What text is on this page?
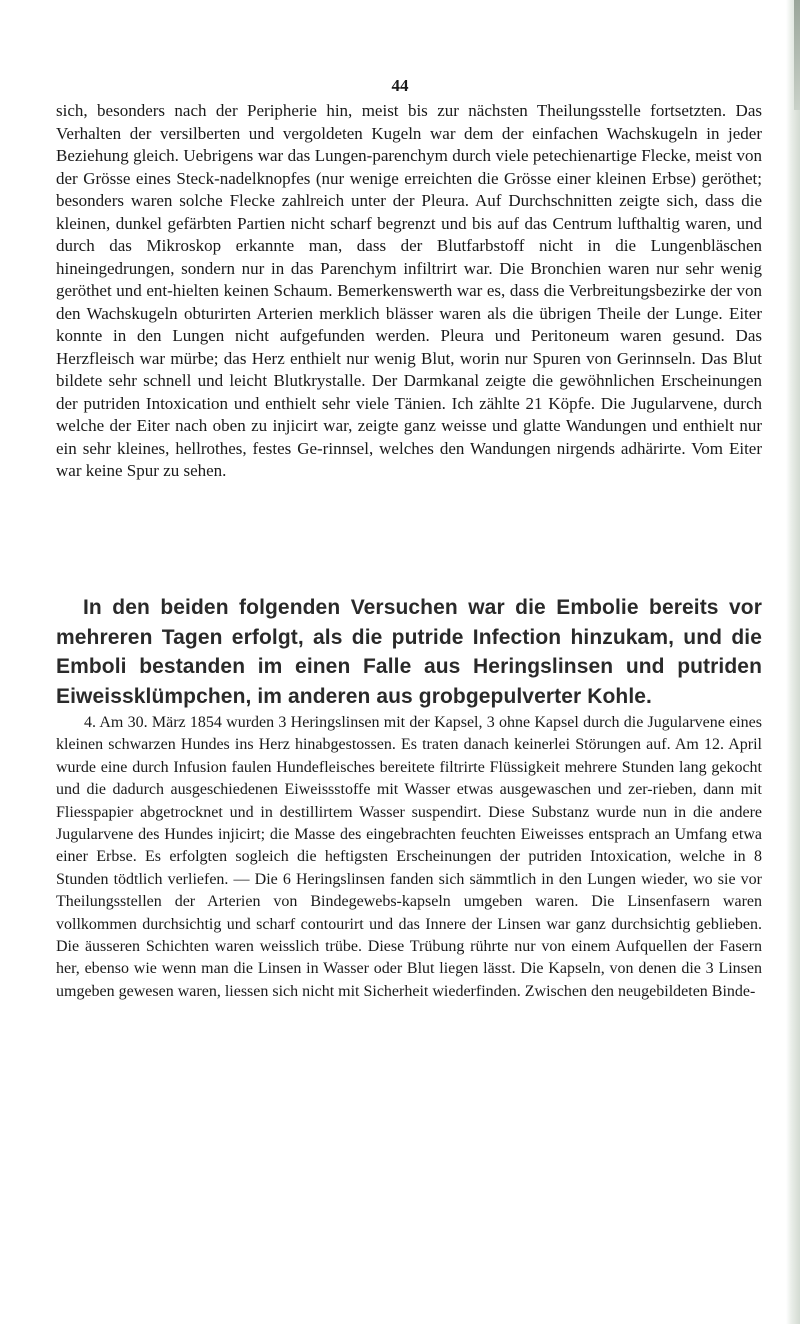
44

sich, besonders nach der Peripherie hin, meist bis zur nächsten Theilungsstelle fortsetzten. Das Verhalten der versilberten und vergoldeten Kugeln war dem der einfachen Wachskugeln in jeder Beziehung gleich. Uebrigens war das Lungen-parenchym durch viele petechienartige Flecke, meist von der Grösse eines Steck-nadelknopfes (nur wenige erreichten die Grösse einer kleinen Erbse) geröthet; besonders waren solche Flecke zahlreich unter der Pleura. Auf Durchschnitten zeigte sich, dass die kleinen, dunkel gefärbten Partien nicht scharf begrenzt und bis auf das Centrum lufthaltig waren, und durch das Mikroskop erkannte man, dass der Blutfarbstoff nicht in die Lungenbläschen hineingedrungen, sondern nur in das Parenchym infiltrirt war. Die Bronchien waren nur sehr wenig geröthet und ent-hielten keinen Schaum. Bemerkenswerth war es, dass die Verbreitungsbezirke der von den Wachskugeln obturirten Arterien merklich blässer waren als die übrigen Theile der Lunge. Eiter konnte in den Lungen nicht aufgefunden werden. Pleura und Peritoneum waren gesund. Das Herzfleisch war mürbe; das Herz enthielt nur wenig Blut, worin nur Spuren von Gerinnseln. Das Blut bildete sehr schnell und leicht Blutkrystalle. Der Darmkanal zeigte die gewöhnlichen Erscheinungen der putriden Intoxication und enthielt sehr viele Tänien. Ich zählte 21 Köpfe. Die Jugularvene, durch welche der Eiter nach oben zu injicirt war, zeigte ganz weisse und glatte Wandungen und enthielt nur ein sehr kleines, hellrothes, festes Ge-rinnsel, welches den Wandungen nirgends adhärirte. Vom Eiter war keine Spur zu sehen.

In den beiden folgenden Versuchen war die Embolie bereits vor mehreren Tagen erfolgt, als die putride Infection hinzukam, und die Emboli bestanden im einen Falle aus Heringslinsen und putriden Eiweissklümpchen, im anderen aus grobgepulverter Kohle.

4. Am 30. März 1854 wurden 3 Heringslinsen mit der Kapsel, 3 ohne Kapsel durch die Jugularvene eines kleinen schwarzen Hundes ins Herz hinabgestossen. Es traten danach keinerlei Störungen auf. Am 12. April wurde eine durch Infusion faulen Hundefleisches bereitete filtrirte Flüssigkeit mehrere Stunden lang gekocht und die dadurch ausgeschiedenen Eiweissstoffe mit Wasser etwas ausgewaschen und zer-rieben, dann mit Fliesspapier abgetrocknet und in destillirtem Wasser suspendirt. Diese Substanz wurde nun in die andere Jugularvene des Hundes injicirt; die Masse des eingebrachten feuchten Eiweisses entsprach an Umfang etwa einer Erbse. Es erfolgten sogleich die heftigsten Erscheinungen der putriden Intoxication, welche in 8 Stunden tödtlich verliefen. — Die 6 Heringslinsen fanden sich sämmtlich in den Lungen wieder, wo sie vor Theilungsstellen der Arterien von Bindegewebs-kapseln umgeben waren. Die Linsenfasern waren vollkommen durchsichtig und scharf contourirt und das Innere der Linsen war ganz durchsichtig geblieben. Die äusseren Schichten waren weisslich trübe. Diese Trübung rührte nur von einem Aufquellen der Fasern her, ebenso wie wenn man die Linsen in Wasser oder Blut liegen lässt. Die Kapseln, von denen die 3 Linsen umgeben gewesen waren, liessen sich nicht mit Sicherheit wiederfinden. Zwischen den neugebildeten Binde-
